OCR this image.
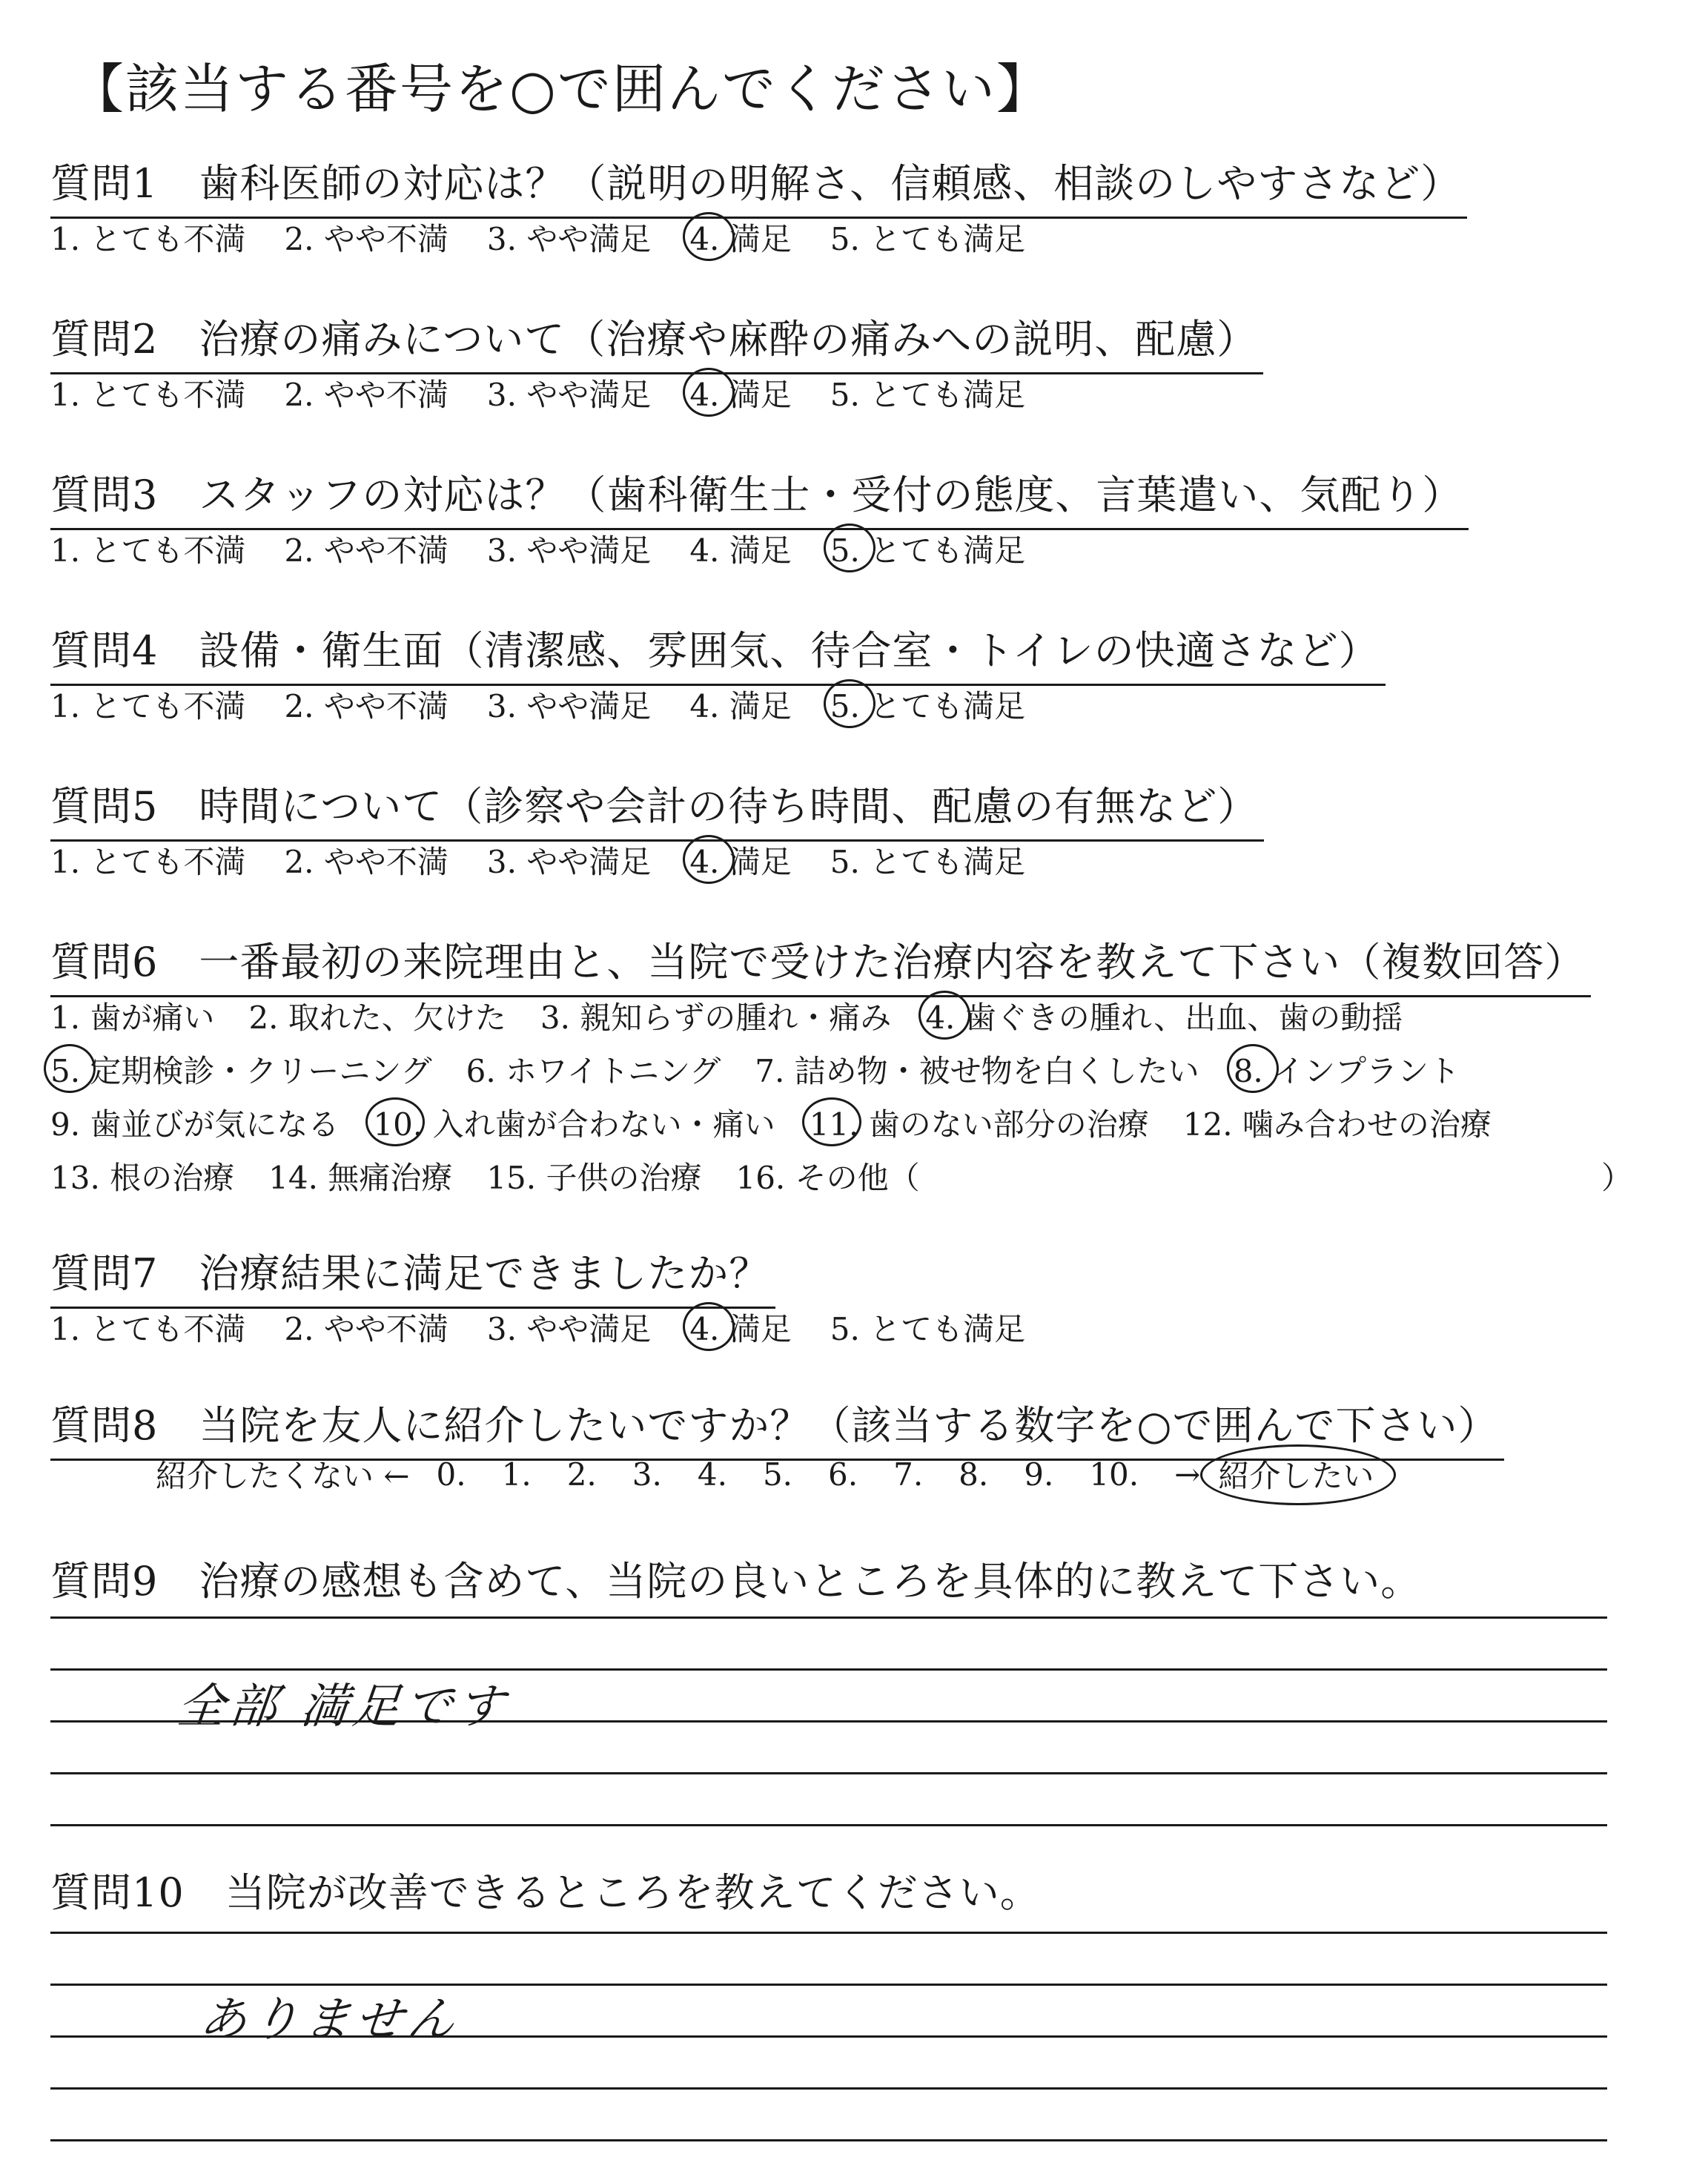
【該当する番号を○で囲んでください】
質問1　歯科医師の対応は？（説明の明解さ、信頼感、相談のしやすさなど）
1. とても不満 2. やや不満 3. やや満足 4. 満足 5. とても満足
質問2　治療の痛みについて（治療や麻酔の痛みへの説明、配慮）
1. とても不満 2. やや不満 3. やや満足 4. 満足 5. とても満足
質問3　スタッフの対応は？（歯科衛生士・受付の態度、言葉遣い、気配り）
1. とても不満 2. やや不満 3. やや満足 4. 満足 5. とても満足
質問4　設備・衛生面（清潔感、雰囲気、待合室・トイレの快適さなど）
1. とても不満 2. やや不満 3. やや満足 4. 満足 5. とても満足
質問5　時間について（診察や会計の待ち時間、配慮の有無など）
1. とても不満 2. やや不満 3. やや満足 4. 満足 5. とても満足
質問6　一番最初の来院理由と、当院で受けた治療内容を教えて下さい（複数回答）
1. 歯が痛い 2. 取れた、欠けた 3. 親知らずの腫れ・痛み 4. 歯ぐきの腫れ、出血、歯の動揺
5. 定期検診・クリーニング 6. ホワイトニング 7. 詰め物・被せ物を白くしたい 8. インプラント
9. 歯並びが気になる 10. 入れ歯が合わない・痛い 11. 歯のない部分の治療 12. 噛み合わせの治療
13. 根の治療 14. 無痛治療 15. 子供の治療 16. その他（	）
質問7　治療結果に満足できましたか？
1. とても不満 2. やや不満 3. やや満足 4. 満足 5. とても満足
質問8　当院を友人に紹介したいですか？（該当する数字を○で囲んで下さい）
紹介したくない ← 0. 1. 2. 3. 4. 5. 6. 7. 8. 9. 10. → 紹介したい
質問9　治療の感想も含めて、当院の良いところを具体的に教えて下さい。
全部 満足です
質問10　当院が改善できるところを教えてください。
ありません
